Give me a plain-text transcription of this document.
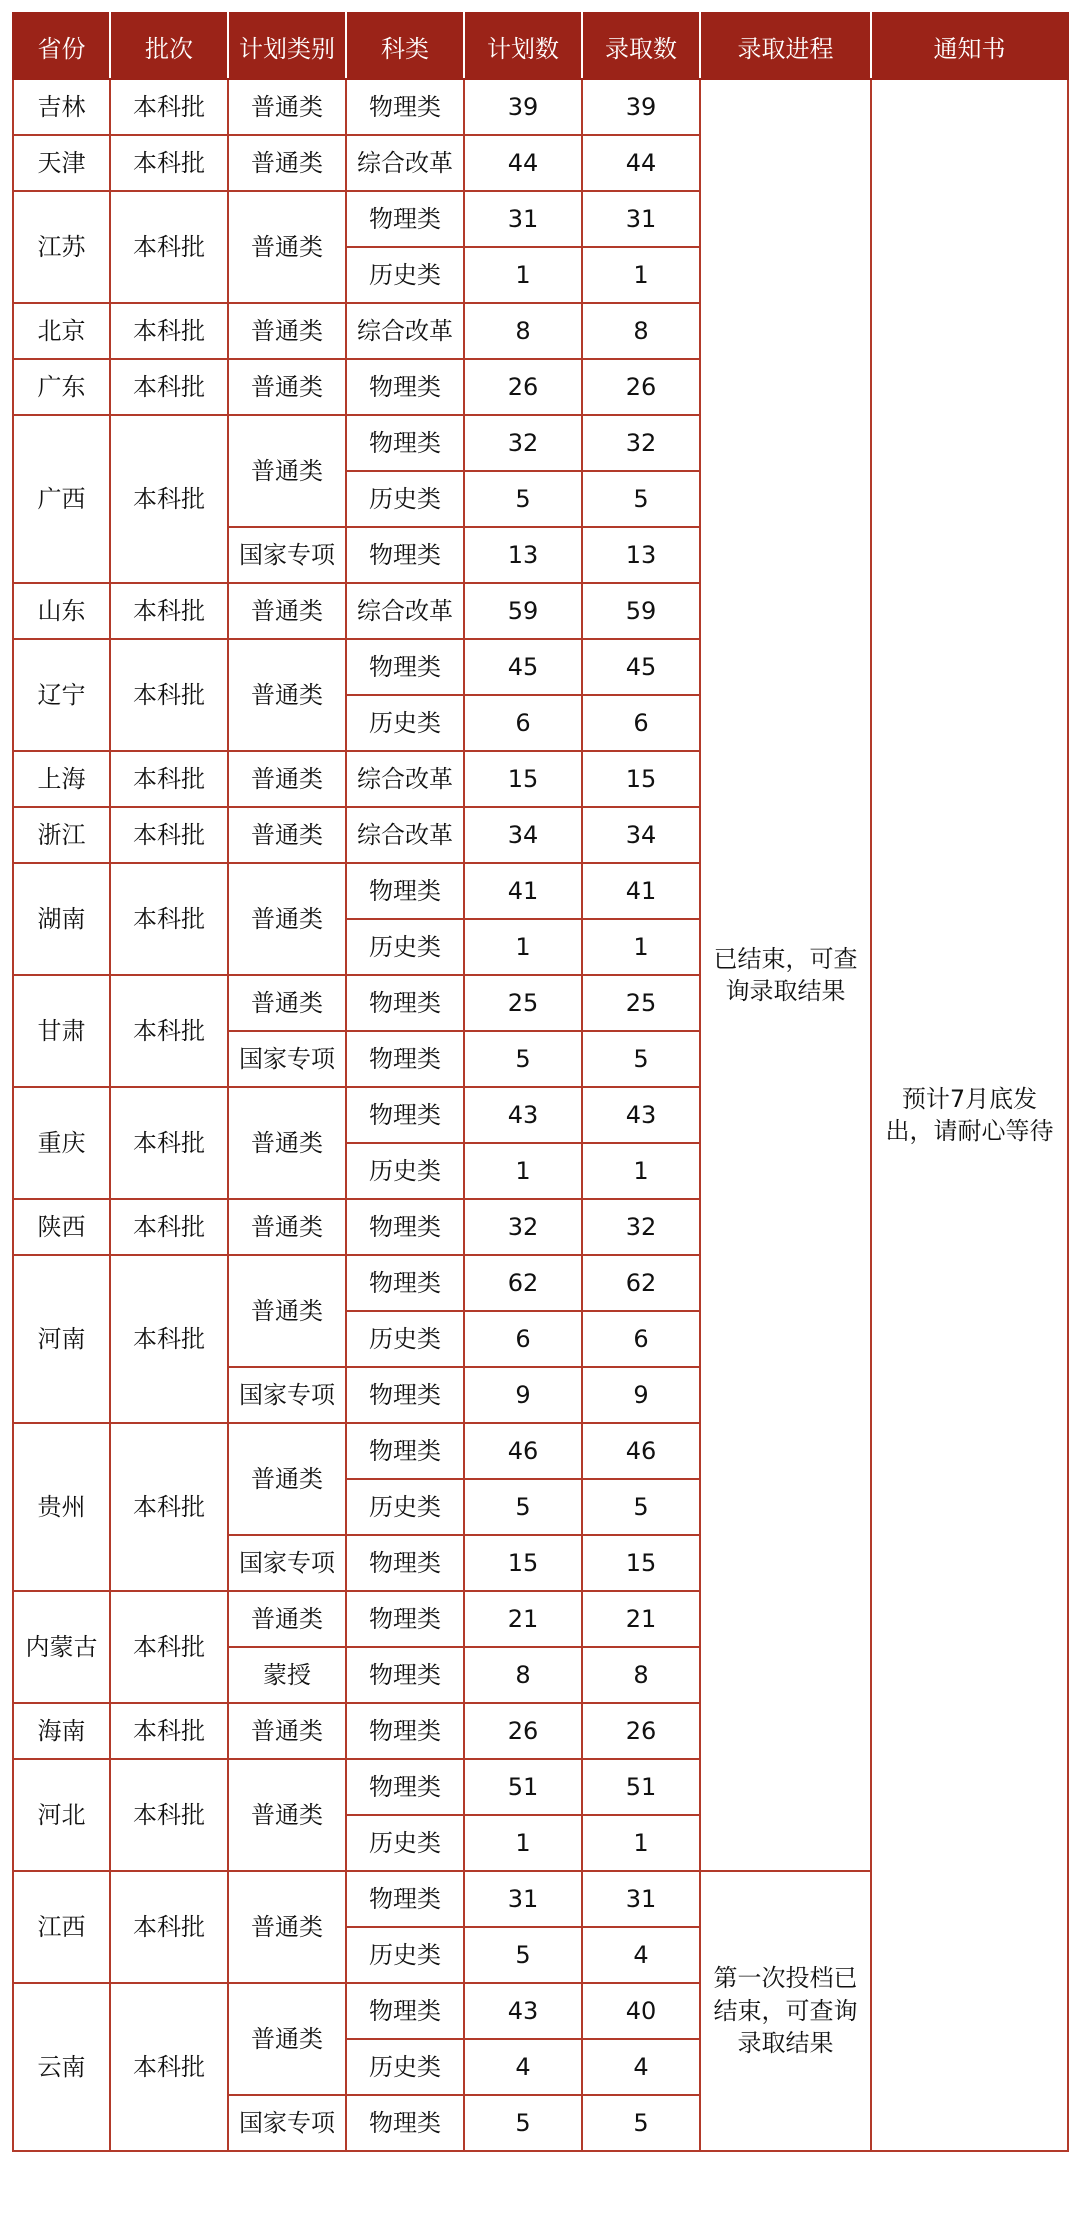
省份	批次	计划类别	科类	计划数	录取数	录取进程	通知书
吉林	本科批	普通类	物理类	39	39	已结束，可查询录取结果	预计7月底发出，请耐心等待
天津	本科批	普通类	综合改革	44	44		
江苏	本科批	普通类	物理类	31	31		
			历史类	1	1		
北京	本科批	普通类	综合改革	8	8		
广东	本科批	普通类	物理类	26	26		
广西	本科批	普通类	物理类	32	32		
			历史类	5	5		
		国家专项	物理类	13	13		
山东	本科批	普通类	综合改革	59	59		
辽宁	本科批	普通类	物理类	45	45		
			历史类	6	6		
上海	本科批	普通类	综合改革	15	15		
浙江	本科批	普通类	综合改革	34	34		
湖南	本科批	普通类	物理类	41	41		
			历史类	1	1		
甘肃	本科批	普通类	物理类	25	25		
		国家专项	物理类	5	5		
重庆	本科批	普通类	物理类	43	43		
			历史类	1	1		
陕西	本科批	普通类	物理类	32	32		
河南	本科批	普通类	物理类	62	62		
			历史类	6	6		
		国家专项	物理类	9	9		
贵州	本科批	普通类	物理类	46	46		
			历史类	5	5		
		国家专项	物理类	15	15		
内蒙古	本科批	普通类	物理类	21	21		
		蒙授	物理类	8	8		
海南	本科批	普通类	物理类	26	26		
河北	本科批	普通类	物理类	51	51		
			历史类	1	1		
江西	本科批	普通类	物理类	31	31	第一次投档已结束，可查询录取结果	
			历史类	5	4		
云南	本科批	普通类	物理类	43	40		
			历史类	4	4		
		国家专项	物理类	5	5		
